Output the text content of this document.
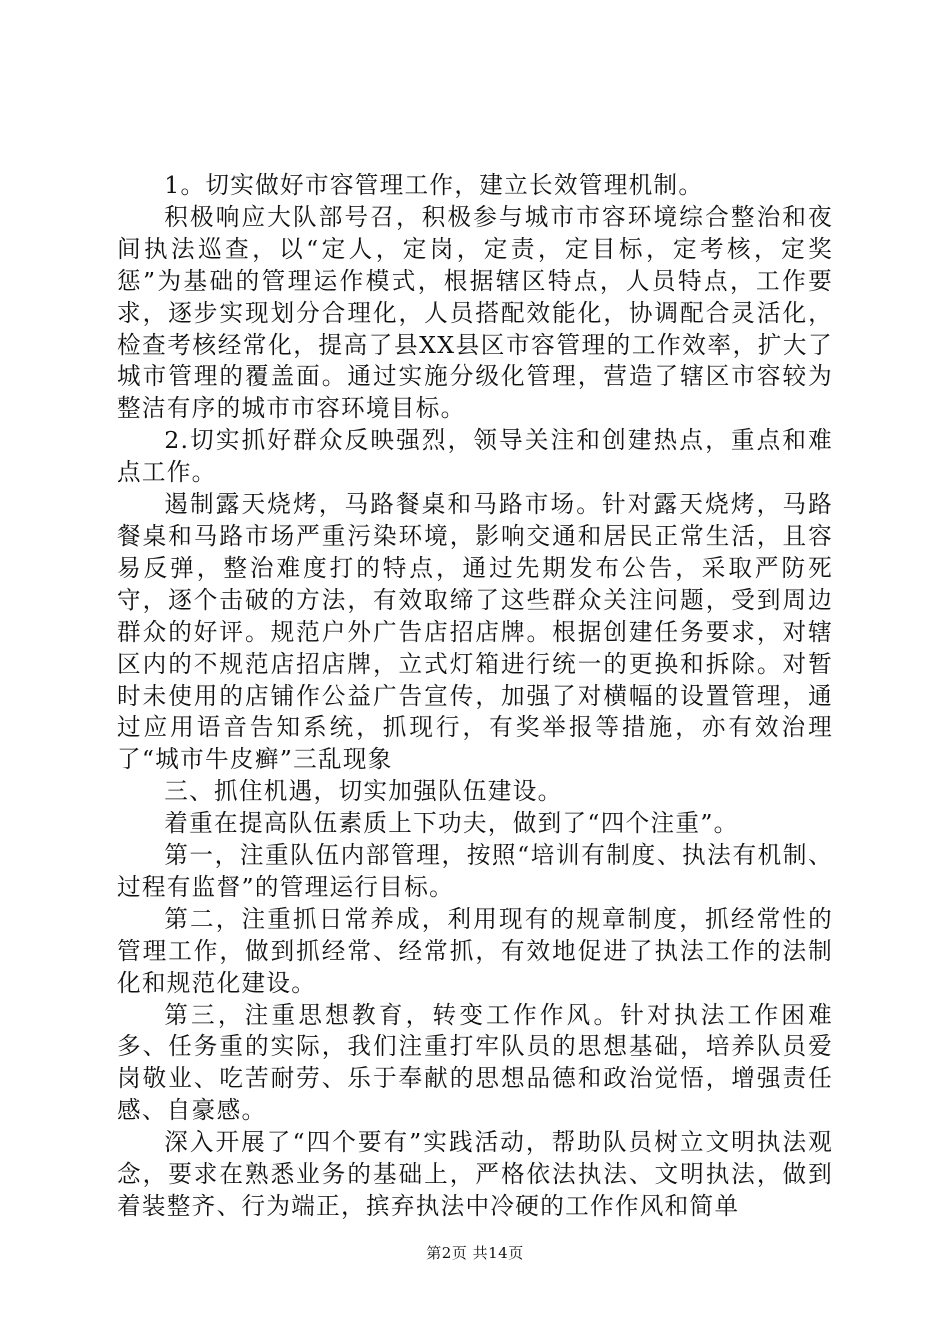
1。切实做好市容管理工作，建立长效管理机制。

积极响应大队部号召，积极参与城市市容环境综合整治和夜间执法巡查，以“定人，定岗，定责，定目标，定考核，定奖惩”为基础的管理运作模式，根据辖区特点，人员特点，工作要求，逐步实现划分合理化，人员搭配效能化，协调配合灵活化，检查考核经常化，提高了县XX县区市容管理的工作效率，扩大了城市管理的覆盖面。通过实施分级化管理，营造了辖区市容较为整洁有序的城市市容环境目标。

2.切实抓好群众反映强烈，领导关注和创建热点，重点和难点工作。

遏制露天烧烤，马路餐桌和马路市场。针对露天烧烤，马路餐桌和马路市场严重污染环境，影响交通和居民正常生活，且容易反弹，整治难度打的特点，通过先期发布公告，采取严防死守，逐个击破的方法，有效取缔了这些群众关注问题，受到周边群众的好评。规范户外广告店招店牌。根据创建任务要求，对辖区内的不规范店招店牌，立式灯箱进行统一的更换和拆除。对暂时未使用的店铺作公益广告宣传，加强了对横幅的设置管理，通过应用语音告知系统，抓现行，有奖举报等措施，亦有效治理了“城市牛皮癣”三乱现象

三、抓住机遇，切实加强队伍建设。

着重在提高队伍素质上下功夫，做到了“四个注重”。

第一，注重队伍内部管理，按照“培训有制度、执法有机制、过程有监督”的管理运行目标。

第二，注重抓日常养成，利用现有的规章制度，抓经常性的管理工作，做到抓经常、经常抓，有效地促进了执法工作的法制化和规范化建设。

第三，注重思想教育，转变工作作风。针对执法工作困难多、任务重的实际，我们注重打牢队员的思想基础，培养队员爱岗敬业、吃苦耐劳、乐于奉献的思想品德和政治觉悟，增强责任感、自豪感。

深入开展了“四个要有”实践活动，帮助队员树立文明执法观念，要求在熟悉业务的基础上，严格依法执法、文明执法，做到着装整齐、行为端正，摈弃执法中冷硬的工作作风和简单

第2页 共14页
